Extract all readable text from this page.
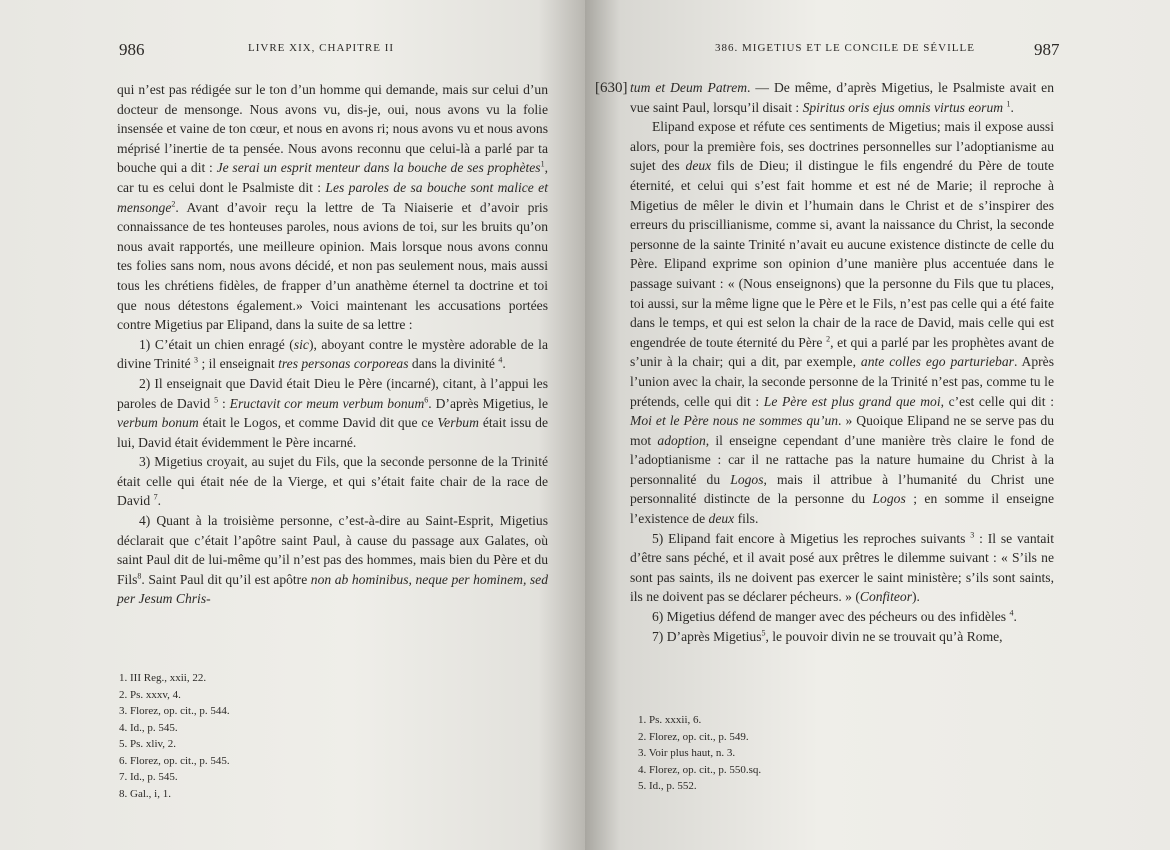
986	LIVRE XIX, CHAPITRE II

qui n’est pas rédigée sur le ton d’un homme qui demande, mais sur celui d’un docteur de mensonge. Nous avons vu, dis-je, oui, nous avons vu la folie insensée et vaine de ton cœur, et nous en avons ri; nous avons vu et nous avons méprisé l’inertie de ta pensée. Nous avons reconnu que celui-là a parlé par ta bouche qui a dit : Je serai un esprit menteur dans la bouche de ses prophètes$^1$, car tu es celui dont le Psalmiste dit : Les paroles de sa bouche sont malice et mensonge$^2$. Avant d’avoir reçu la lettre de Ta Niaiserie et d’avoir pris connaissance de tes honteuses paroles, nous avions de toi, sur les bruits qu’on nous avait rapportés, une meilleure opinion. Mais lorsque nous avons connu tes folies sans nom, nous avons décidé, et non pas seulement nous, mais aussi tous les chrétiens fidèles, de frapper d’un anathème éternel ta doctrine et toi que nous détestons également.» Voici maintenant les accusations portées contre Migetius par Elipand, dans la suite de sa lettre :

1) C’était un chien enragé (sic), aboyant contre le mystère adorable de la divine Trinité $^3$ ; il enseignait tres personas corporeas dans la divinité $^4$.

2) Il enseignait que David était Dieu le Père (incarné), citant, à l’appui les paroles de David $^5$ : Eructavit cor meum verbum bonum$^6$. D’après Migetius, le verbum bonum était le Logos, et comme David dit que ce Verbum était issu de lui, David était évidemment le Père incarné.

3) Migetius croyait, au sujet du Fils, que la seconde personne de la Trinité était celle qui était née de la Vierge, et qui s’était faite chair de la race de David $^7$.

4) Quant à la troisième personne, c’est-à-dire au Saint-Esprit, Migetius déclarait que c’était l’apôtre saint Paul, à cause du passage aux Galates, où saint Paul dit de lui-même qu’il n’est pas des hommes, mais bien du Père et du Fils$^8$. Saint Paul dit qu’il est apôtre non ab hominibus, neque per hominem, sed per Jesum Chris-

1. III Reg., xxii, 22.
2. Ps. xxxv, 4.
3. Florez, op. cit., p. 544.
4. Id., p. 545.
5. Ps. xliv, 2.
6. Florez, op. cit., p. 545.
7. Id., p. 545.
8. Gal., i, 1.
386. MIGETIUS ET LE CONCILE DE SÉVILLE	987
[630] tum et Deum Patrem. — De même, d’après Migetius, le Psalmiste avait en vue saint Paul, lorsqu’il disait : Spiritus oris ejus omnis virtus eorum $^1$.

Elipand expose et réfute ces sentiments de Migetius; mais il expose aussi alors, pour la première fois, ses doctrines personnelles sur l’adoptianisme au sujet des deux fils de Dieu; il distingue le fils engendré du Père de toute éternité, et celui qui s’est fait homme et est né de Marie; il reproche à Migetius de mêler le divin et l’humain dans le Christ et de s’inspirer des erreurs du priscillianisme, comme si, avant la naissance du Christ, la seconde personne de la sainte Trinité n’avait eu aucune existence distincte de celle du Père. Elipand exprime son opinion d’une manière plus accentuée dans le passage suivant : « (Nous enseignons) que la personne du Fils que tu places, toi aussi, sur la même ligne que le Père et le Fils, n’est pas celle qui a été faite dans le temps, et qui est selon la chair de la race de David, mais celle qui est engendrée de toute éternité du Père $^2$, et qui a parlé par les prophètes avant de s’unir à la chair; qui a dit, par exemple, ante colles ego parturiebar. Après l’union avec la chair, la seconde personne de la Trinité n’est pas, comme tu le prétends, celle qui dit : Le Père est plus grand que moi, c’est celle qui dit : Moi et le Père nous ne sommes qu’un. » Quoique Elipand ne se serve pas du mot adoption, il enseigne cependant d’une manière très claire le fond de l’adoptianisme : car il ne rattache pas la nature humaine du Christ à la personnalité du Logos, mais il attribue à l’humanité du Christ une personnalité distincte de la personne du Logos ; en somme il enseigne l’existence de deux fils.

5) Elipand fait encore à Migetius les reproches suivants $^3$ : Il se vantait d’être sans péché, et il avait posé aux prêtres le dilemme suivant : « S’ils ne sont pas saints, ils ne doivent pas exercer le saint ministère; s’ils sont saints, ils ne doivent pas se déclarer pécheurs. » (Confiteor).

6) Migetius défend de manger avec des pécheurs ou des infidèles $^4$.

7) D’après Migetius$^5$, le pouvoir divin ne se trouvait qu’à Rome,

1. Ps. xxxii, 6.
2. Florez, op. cit., p. 549.
3. Voir plus haut, n. 3.
4. Florez, op. cit., p. 550.sq.
5. Id., p. 552.
